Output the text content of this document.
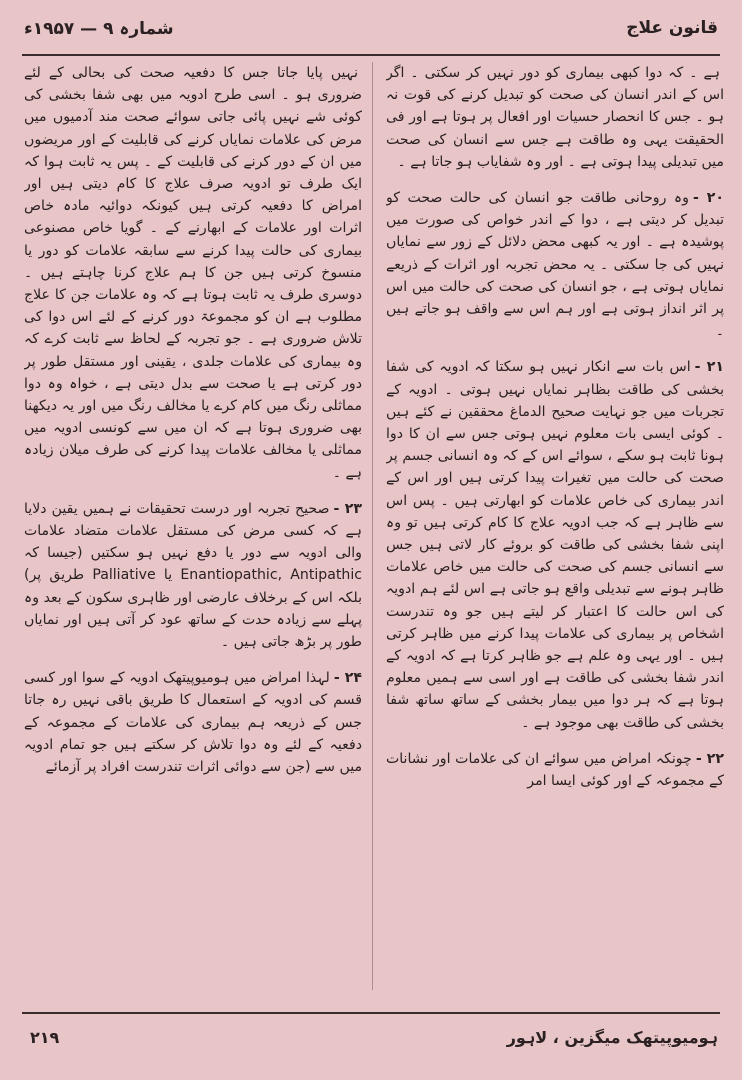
قانون علاج
شمارہ ۹ — ۱۹۵۷ء

ہے ۔ کہ دوا کبھی بیماری کو دور نہیں کر سکتی ۔ اگر اس کے اندر انسان کی صحت کو تبدیل کرنے کی قوت نہ ہو ۔ جس کا انحصار حسیات اور افعال پر ہوتا ہے اور فی الحقیقت یہی وہ طاقت ہے جس سے انسان کی صحت میں تبدیلی پیدا ہوتی ہے ۔ اور وہ شفایاب ہو جاتا ہے ۔

۲۰ -وہ روحانی طاقت جو انسان کی حالت صحت کو تبدیل کر دیتی ہے ، دوا کے اندر خواص کی صورت میں پوشیدہ ہے ۔ اور یہ کبھی محض دلائل کے زور سے نمایاں نہیں کی جا سکتی ۔ یہ محض تجربہ اور اثرات کے ذریعے نمایاں ہوتی ہے ، جو انسان کی صحت کی حالت میں اس پر اثر انداز ہوتی ہے اور ہم اس سے واقف ہو جاتے ہیں ۔

۲۱ -اس بات سے انکار نہیں ہو سکتا کہ ادویہ کی شفا بخشی کی طاقت بظاہر نمایاں نہیں ہوتی ۔ ادویہ کے تجربات میں جو نہایت صحیح الدماغ محققین نے کئے ہیں ۔ کوئی ایسی بات معلوم نہیں ہوتی جس سے ان کا دوا ہونا ثابت ہو سکے ، سوائے اس کے کہ وہ انسانی جسم پر صحت کی حالت میں تغیرات پیدا کرتی ہیں اور اس کے اندر بیماری کی خاص علامات کو ابھارتی ہیں ۔ پس اس سے ظاہر ہے کہ جب ادویہ علاج کا کام کرتی ہیں تو وہ اپنی شفا بخشی کی طاقت کو بروئے کار لاتی ہیں جس سے انسانی جسم کی صحت کی حالت میں خاص علامات ظاہر ہونے سے تبدیلی واقع ہو جاتی ہے اس لئے ہم ادویہ کی اس حالت کا اعتبار کر لیتے ہیں جو وہ تندرست اشخاص پر بیماری کی علامات پیدا کرنے میں ظاہر کرتی ہیں ۔ اور یہی وہ علم ہے جو ظاہر کرتا ہے کہ ادویہ کے اندر شفا بخشی کی طاقت ہے اور اسی سے ہمیں معلوم ہوتا ہے کہ ہر دوا میں بیمار بخشی کے ساتھ ساتھ شفا بخشی کی طاقت بھی موجود ہے ۔

۲۲ -چونکہ امراض میں سوائے ان کی علامات اور نشانات کے مجموعہ کے اور کوئی ایسا امر

نہیں پایا جاتا جس کا دفعیہ صحت کی بحالی کے لئے ضروری ہو ۔ اسی طرح ادویہ میں بھی شفا بخشی کی کوئی شے نہیں پائی جاتی سوائے صحت مند آدمیوں میں مرض کی علامات نمایاں کرنے کی قابلیت کے اور مریضوں میں ان کے دور کرنے کی قابلیت کے ۔ پس یہ ثابت ہوا کہ ایک طرف تو ادویہ صرف علاج کا کام دیتی ہیں اور امراض کا دفعیہ کرتی ہیں کیونکہ دوائیہ مادہ خاص اثرات اور علامات کے ابھارنے کے ۔ گویا خاص مصنوعی بیماری کی حالت پیدا کرنے سے سابقہ علامات کو دور یا منسوخ کرتی ہیں جن کا ہم علاج کرنا چاہتے ہیں ۔ دوسری طرف یہ ثابت ہوتا ہے کہ وہ علامات جن کا علاج مطلوب ہے ان کو مجموعۃ دور کرنے کے لئے اس دوا کی تلاش ضروری ہے ۔ جو تجربہ کے لحاظ سے ثابت کرے کہ وہ بیماری کی علامات جلدی ، یقینی اور مستقل طور پر دور کرتی ہے یا صحت سے بدل دیتی ہے ، خواہ وہ دوا مماثلی رنگ میں کام کرے یا مخالف رنگ میں اور یہ دیکھنا بھی ضروری ہوتا ہے کہ ان میں سے کونسی ادویہ میں مماثلی یا مخالف علامات پیدا کرنے کی طرف میلان زیادہ ہے ۔

۲۳ -صحیح تجربہ اور درست تحقیقات نے ہمیں یقین دلایا ہے کہ کسی مرض کی مستقل علامات متضاد علامات والی ادویہ سے دور یا دفع نہیں ہو سکتیں (جیسا کہ Enantiopathic, Antipathic یا Palliative طریق پر) بلکہ اس کے برخلاف عارضی اور ظاہری سکون کے بعد وہ پہلے سے زیادہ حدت کے ساتھ عود کر آتی ہیں اور نمایاں طور پر بڑھ جاتی ہیں ۔

۲۴ -لہذا امراض میں ہومیوپیتھک ادویہ کے سوا اور کسی قسم کی ادویہ کے استعمال کا طریق باقی نہیں رہ جاتا جس کے ذریعہ ہم بیماری کی علامات کے مجموعہ کے دفعیہ کے لئے وہ دوا تلاش کر سکتے ہیں جو تمام ادویہ میں سے (جن سے دوائی اثرات تندرست افراد پر آزمائے

ہومیوپیتھک میگزین ، لاہور
۲۱۹
